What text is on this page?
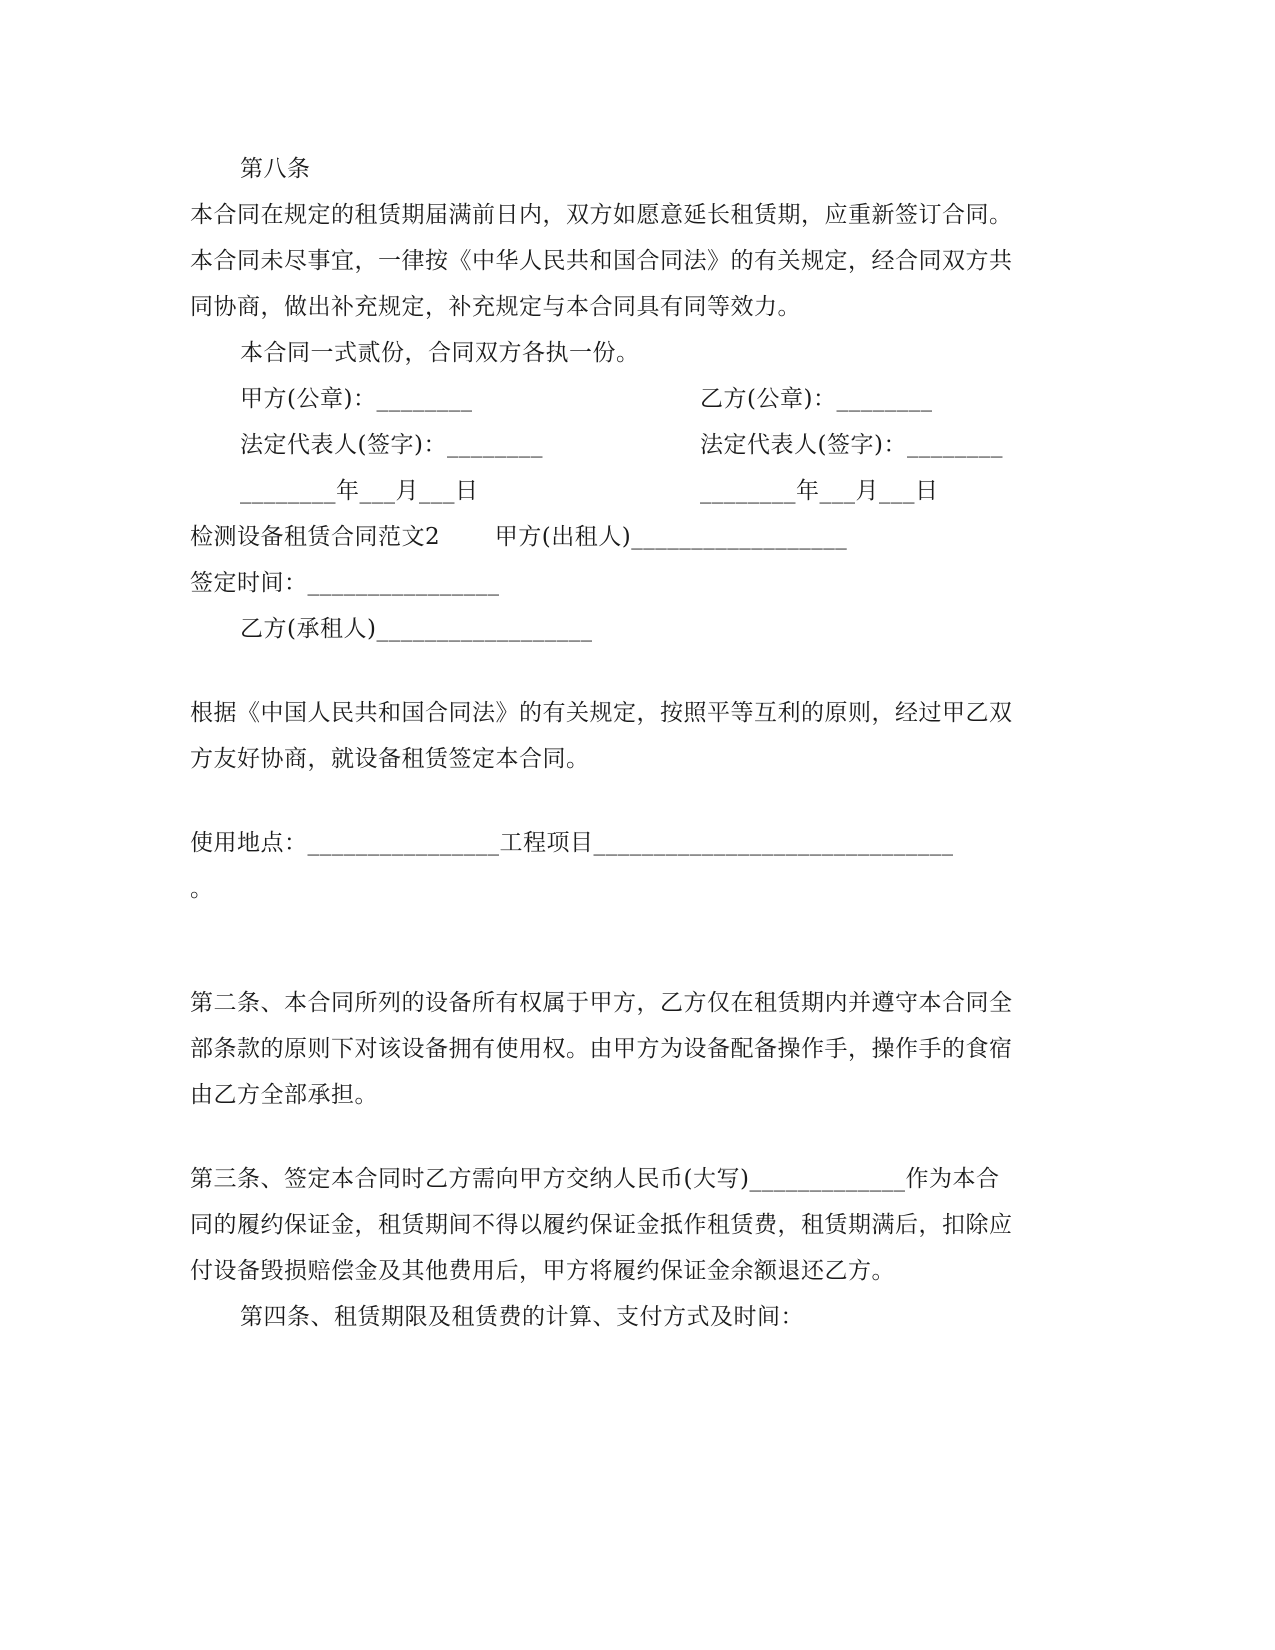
第八条
本合同在规定的租赁期届满前日内，双方如愿意延长租赁期，应重新签订合同。
本合同未尽事宜，一律按《中华人民共和国合同法》的有关规定，经合同双方共
同协商，做出补充规定，补充规定与本合同具有同等效力。
本合同一式贰份，合同双方各执一份。
甲方(公章)：________	乙方(公章)：________
法定代表人(签字)：________	法定代表人(签字)：________
________年___月___日	________年___月___日
检测设备租赁合同范文2       甲方(出租人)__________________
签定时间：________________
乙方(承租人)__________________
根据《中国人民共和国合同法》的有关规定，按照平等互利的原则，经过甲乙双
方友好协商，就设备租赁签定本合同。
使用地点：________________工程项目______________________________
。
第二条、本合同所列的设备所有权属于甲方，乙方仅在租赁期内并遵守本合同全
部条款的原则下对该设备拥有使用权。由甲方为设备配备操作手，操作手的食宿
由乙方全部承担。
第三条、签定本合同时乙方需向甲方交纳人民币(大写)_____________作为本合
同的履约保证金，租赁期间不得以履约保证金抵作租赁费，租赁期满后，扣除应
付设备毁损赔偿金及其他费用后，甲方将履约保证金余额退还乙方。
第四条、租赁期限及租赁费的计算、支付方式及时间：
